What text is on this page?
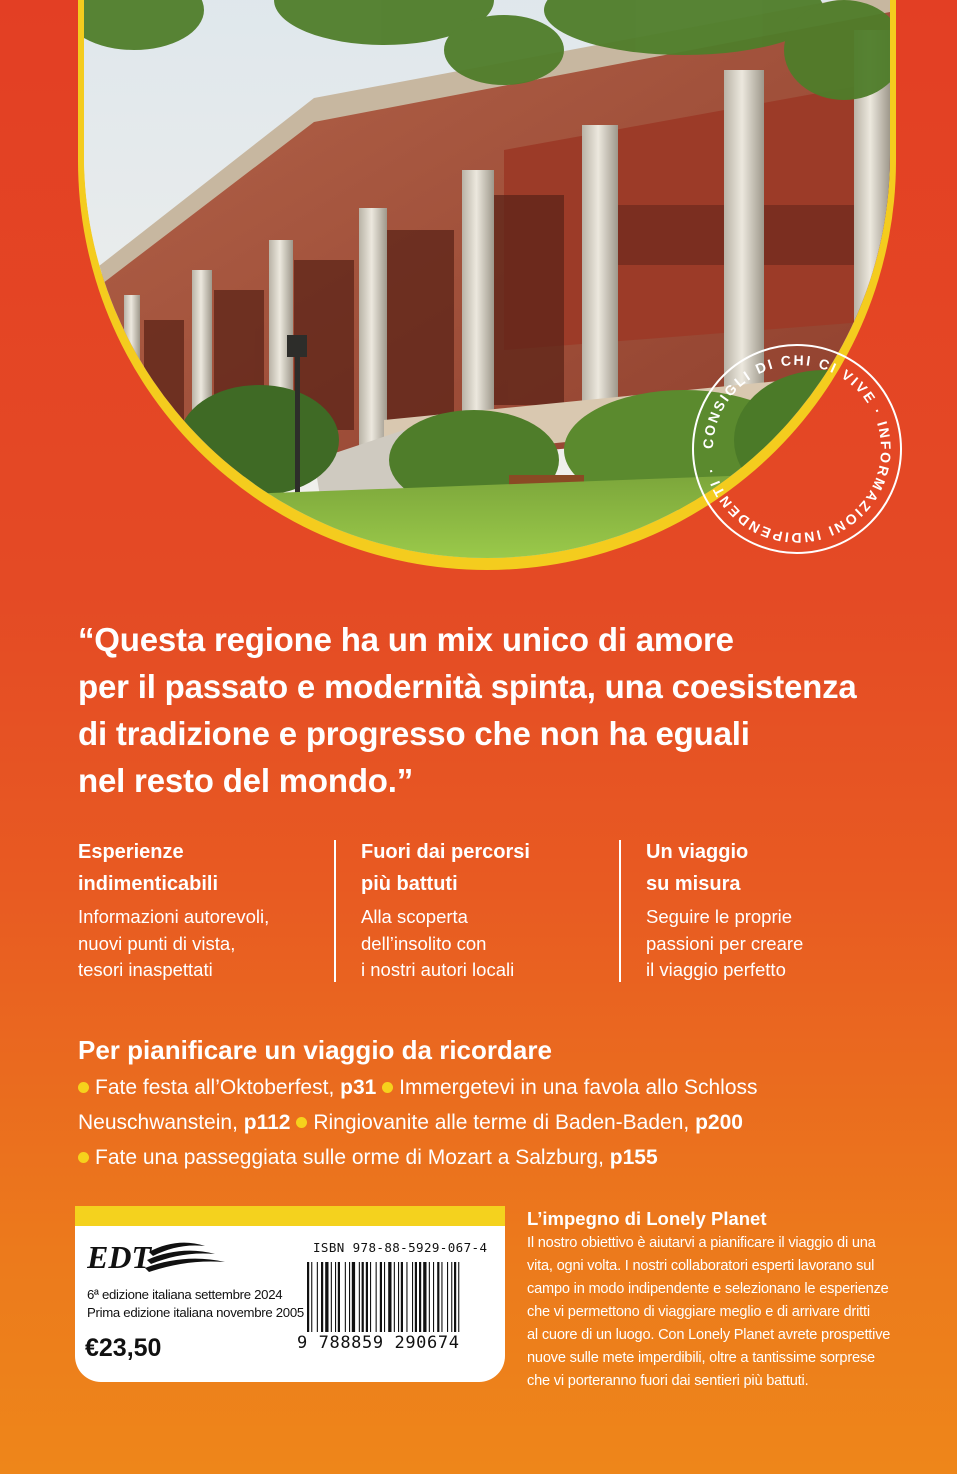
CONSIGLI DI CHI CI VIVE · INFORMAZIONI INDIPENDENTI ·

“Questa regione ha un mix unico di amore
per il passato e modernità spinta, una coesistenza
di tradizione e progresso che non ha eguali
nel resto del mondo.”

Esperienze
indimenticabili

Informazioni autorevoli,
nuovi punti di vista,
tesori inaspettati

Fuori dai percorsi
più battuti

Alla scoperta
dell’insolito con
i nostri autori locali

Un viaggio
su misura

Seguire le proprie
passioni per creare
il viaggio perfetto

Per pianificare un viaggio da ricordare
Fate festa all’Oktoberfest, p31 Immergetevi in una favola allo Schloss
Neuschwanstein, p112 Ringiovanite alle terme di Baden-Baden, p200
Fate una passeggiata sulle orme di Mozart a Salzburg, p155
EDT
6ª edizione italiana settembre 2024
Prima edizione italiana novembre 2005
€23,50
ISBN 978-88-5929-067-4
9 788859 290674
L’impegno di Lonely Planet

Il nostro obiettivo è aiutarvi a pianificare il viaggio di una
vita, ogni volta. I nostri collaboratori esperti lavorano sul
campo in modo indipendente e selezionano le esperienze
che vi permettono di viaggiare meglio e di arrivare dritti
al cuore di un luogo. Con Lonely Planet avrete prospettive
nuove sulle mete imperdibili, oltre a tantissime sorprese
che vi porteranno fuori dai sentieri più battuti.
